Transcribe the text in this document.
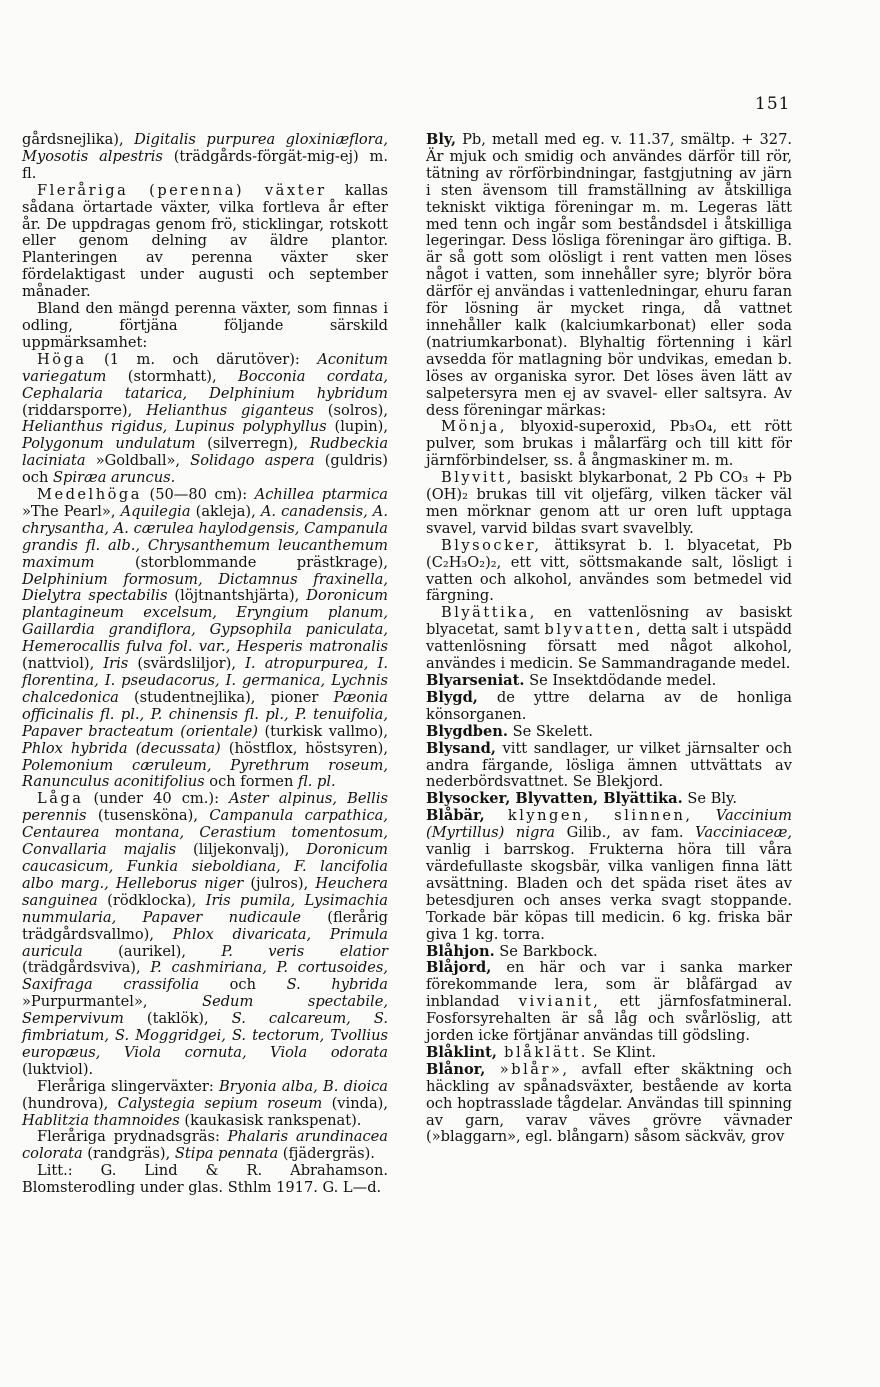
151

gårdsnejlika), Digitalis purpurea gloxiniæflora, Myosotis alpestris (trädgårds-förgät-mig-ej) m. fl.

Fleråriga (perenna) växter kallas sådana örtartade växter, vilka fortleva år efter år. De uppdragas genom frö, sticklingar, rotskott eller genom delning av äldre plantor. Planteringen av perenna växter sker fördelaktigast under augusti och september månader.

Bland den mängd perenna växter, som finnas i odling, förtjäna följande särskild uppmärksamhet:

Höga (1 m. och därutöver): Aconitum variegatum (stormhatt), Bocconia cordata, Cephalaria tatarica, Delphinium hybridum (riddarsporre), Helianthus giganteus (solros), Helianthus rigidus, Lupinus polyphyllus (lupin), Polygonum undulatum (silverregn), Rudbeckia laciniata »Goldball», Solidago aspera (guldris) och Spiræa aruncus.

Medelhöga (50—80 cm): Achillea ptarmica »The Pearl», Aquilegia (akleja), A. canadensis, A. chrysantha, A. cærulea haylodgensis, Campanula grandis fl. alb., Chrysanthemum leucanthemum maximum (storblommande prästkrage), Delphinium formosum, Dictamnus fraxinella, Dielytra spectabilis (löjtnantshjärta), Doronicum plantagineum excelsum, Eryngium planum, Gaillardia grandiflora, Gypsophila paniculata, Hemerocallis fulva fol. var., Hesperis matronalis (nattviol), Iris (svärdsliljor), I. atropurpurea, I. florentina, I. pseudacorus, I. germanica, Lychnis chalcedonica (studentnejlika), pioner Pæonia officinalis fl. pl., P. chinensis fl. pl., P. tenuifolia, Papaver bracteatum (orientale) (turkisk vallmo), Phlox hybrida (decussata) (höstflox, höstsyren), Polemonium cæruleum, Pyrethrum roseum, Ranunculus aconitifolius och formen fl. pl.

Låga (under 40 cm.): Aster alpinus, Bellis perennis (tusensköna), Campanula carpathica, Centaurea montana, Cerastium tomentosum, Convallaria majalis (liljekonvalj), Doronicum caucasicum, Funkia sieboldiana, F. lancifolia albo marg., Helleborus niger (julros), Heuchera sanguinea (rödklocka), Iris pumila, Lysimachia nummularia, Papaver nudicaule (flerårig trädgårdsvallmo), Phlox divaricata, Primula auricula (aurikel), P. veris elatior (trädgårdsviva), P. cashmiriana, P. cortusoides, Saxifraga crassifolia och S. hybrida »Purpurmantel», Sedum spectabile, Sempervivum (taklök), S. calcareum, S. fimbriatum, S. Moggridgei, S. tectorum, Tvollius europæus, Viola cornuta, Viola odorata (luktviol).

Fleråriga slingerväxter: Bryonia alba, B. dioica (hundrova), Calystegia sepium roseum (vinda), Hablitzia thamnoides (kaukasisk rankspenat).

Fleråriga prydnadsgräs: Phalaris arundinacea colorata (randgräs), Stipa pennata (fjädergräs).

Litt.: G. Lind & R. Abrahamson. Blomsterodling under glas. Sthlm 1917. G. L—d.

Bly, Pb, metall med eg. v. 11.37, smältp. + 327. Är mjuk och smidig och användes därför till rör, tätning av rörförbindningar, fastgjutning av järn i sten ävensom till framställning av åtskilliga tekniskt viktiga föreningar m. m. Legeras lätt med tenn och ingår som beståndsdel i åtskilliga legeringar. Dess lösliga föreningar äro giftiga. B. är så gott som olösligt i rent vatten men löses något i vatten, som innehåller syre; blyrör böra därför ej användas i vattenledningar, ehuru faran för lösning är mycket ringa, då vattnet innehåller kalk (kalciumkarbonat) eller soda (natriumkarbonat). Blyhaltig förtenning i kärl avsedda för matlagning bör undvikas, emedan b. löses av organiska syror. Det löses även lätt av salpetersyra men ej av svavel- eller saltsyra. Av dess föreningar märkas:

Mönja, blyoxid-superoxid, Pb₃O₄, ett rött pulver, som brukas i målarfärg och till kitt för järnförbindelser, ss. å ångmaskiner m. m.

Blyvitt, basiskt blykarbonat, 2 Pb CO₃ + Pb (OH)₂ brukas till vit oljefärg, vilken täcker väl men mörknar genom att ur oren luft upptaga svavel, varvid bildas svart svavelbly.

Blysocker, ättiksyrat b. l. blyacetat, Pb (C₂H₃O₂)₂, ett vitt, söttsmakande salt, lösligt i vatten och alkohol, användes som betmedel vid färgning.

Blyättika, en vattenlösning av basiskt blyacetat, samt blyvatten, detta salt i utspädd vattenlösning försatt med något alkohol, användes i medicin. Se Sammandragande medel.

Blyarseniat. Se Insektdödande medel.

Blygd, de yttre delarna av de honliga könsorganen.

Blygdben. Se Skelett.

Blysand, vitt sandlager, ur vilket järnsalter och andra färgande, lösliga ämnen uttvättats av nederbördsvattnet. Se Blekjord.

Blysocker, Blyvatten, Blyättika. Se Bly.

Blåbär, klyngen, slinnen, Vaccinium (Myrtillus) nigra Gilib., av fam. Vacciniaceæ, vanlig i barrskog. Frukterna höra till våra värdefullaste skogsbär, vilka vanligen finna lätt avsättning. Bladen och det späda riset ätes av betesdjuren och anses verka svagt stoppande. Torkade bär köpas till medicin. 6 kg. friska bär giva 1 kg. torra.

Blåhjon. Se Barkbock.

Blåjord, en här och var i sanka marker förekommande lera, som är blåfärgad av inblandad vivianit, ett järnfosfatmineral. Fosforsyrehalten är så låg och svårlöslig, att jorden icke förtjänar användas till gödsling.

Blåklint, blåklätt. Se Klint.

Blånor, »blår», avfall efter skäktning och häckling av spånadsväxter, bestående av korta och hoptrasslade tågdelar. Användas till spinning av garn, varav väves grövre vävnader (»blaggarn», egl. blångarn) såsom säckväv, grov
